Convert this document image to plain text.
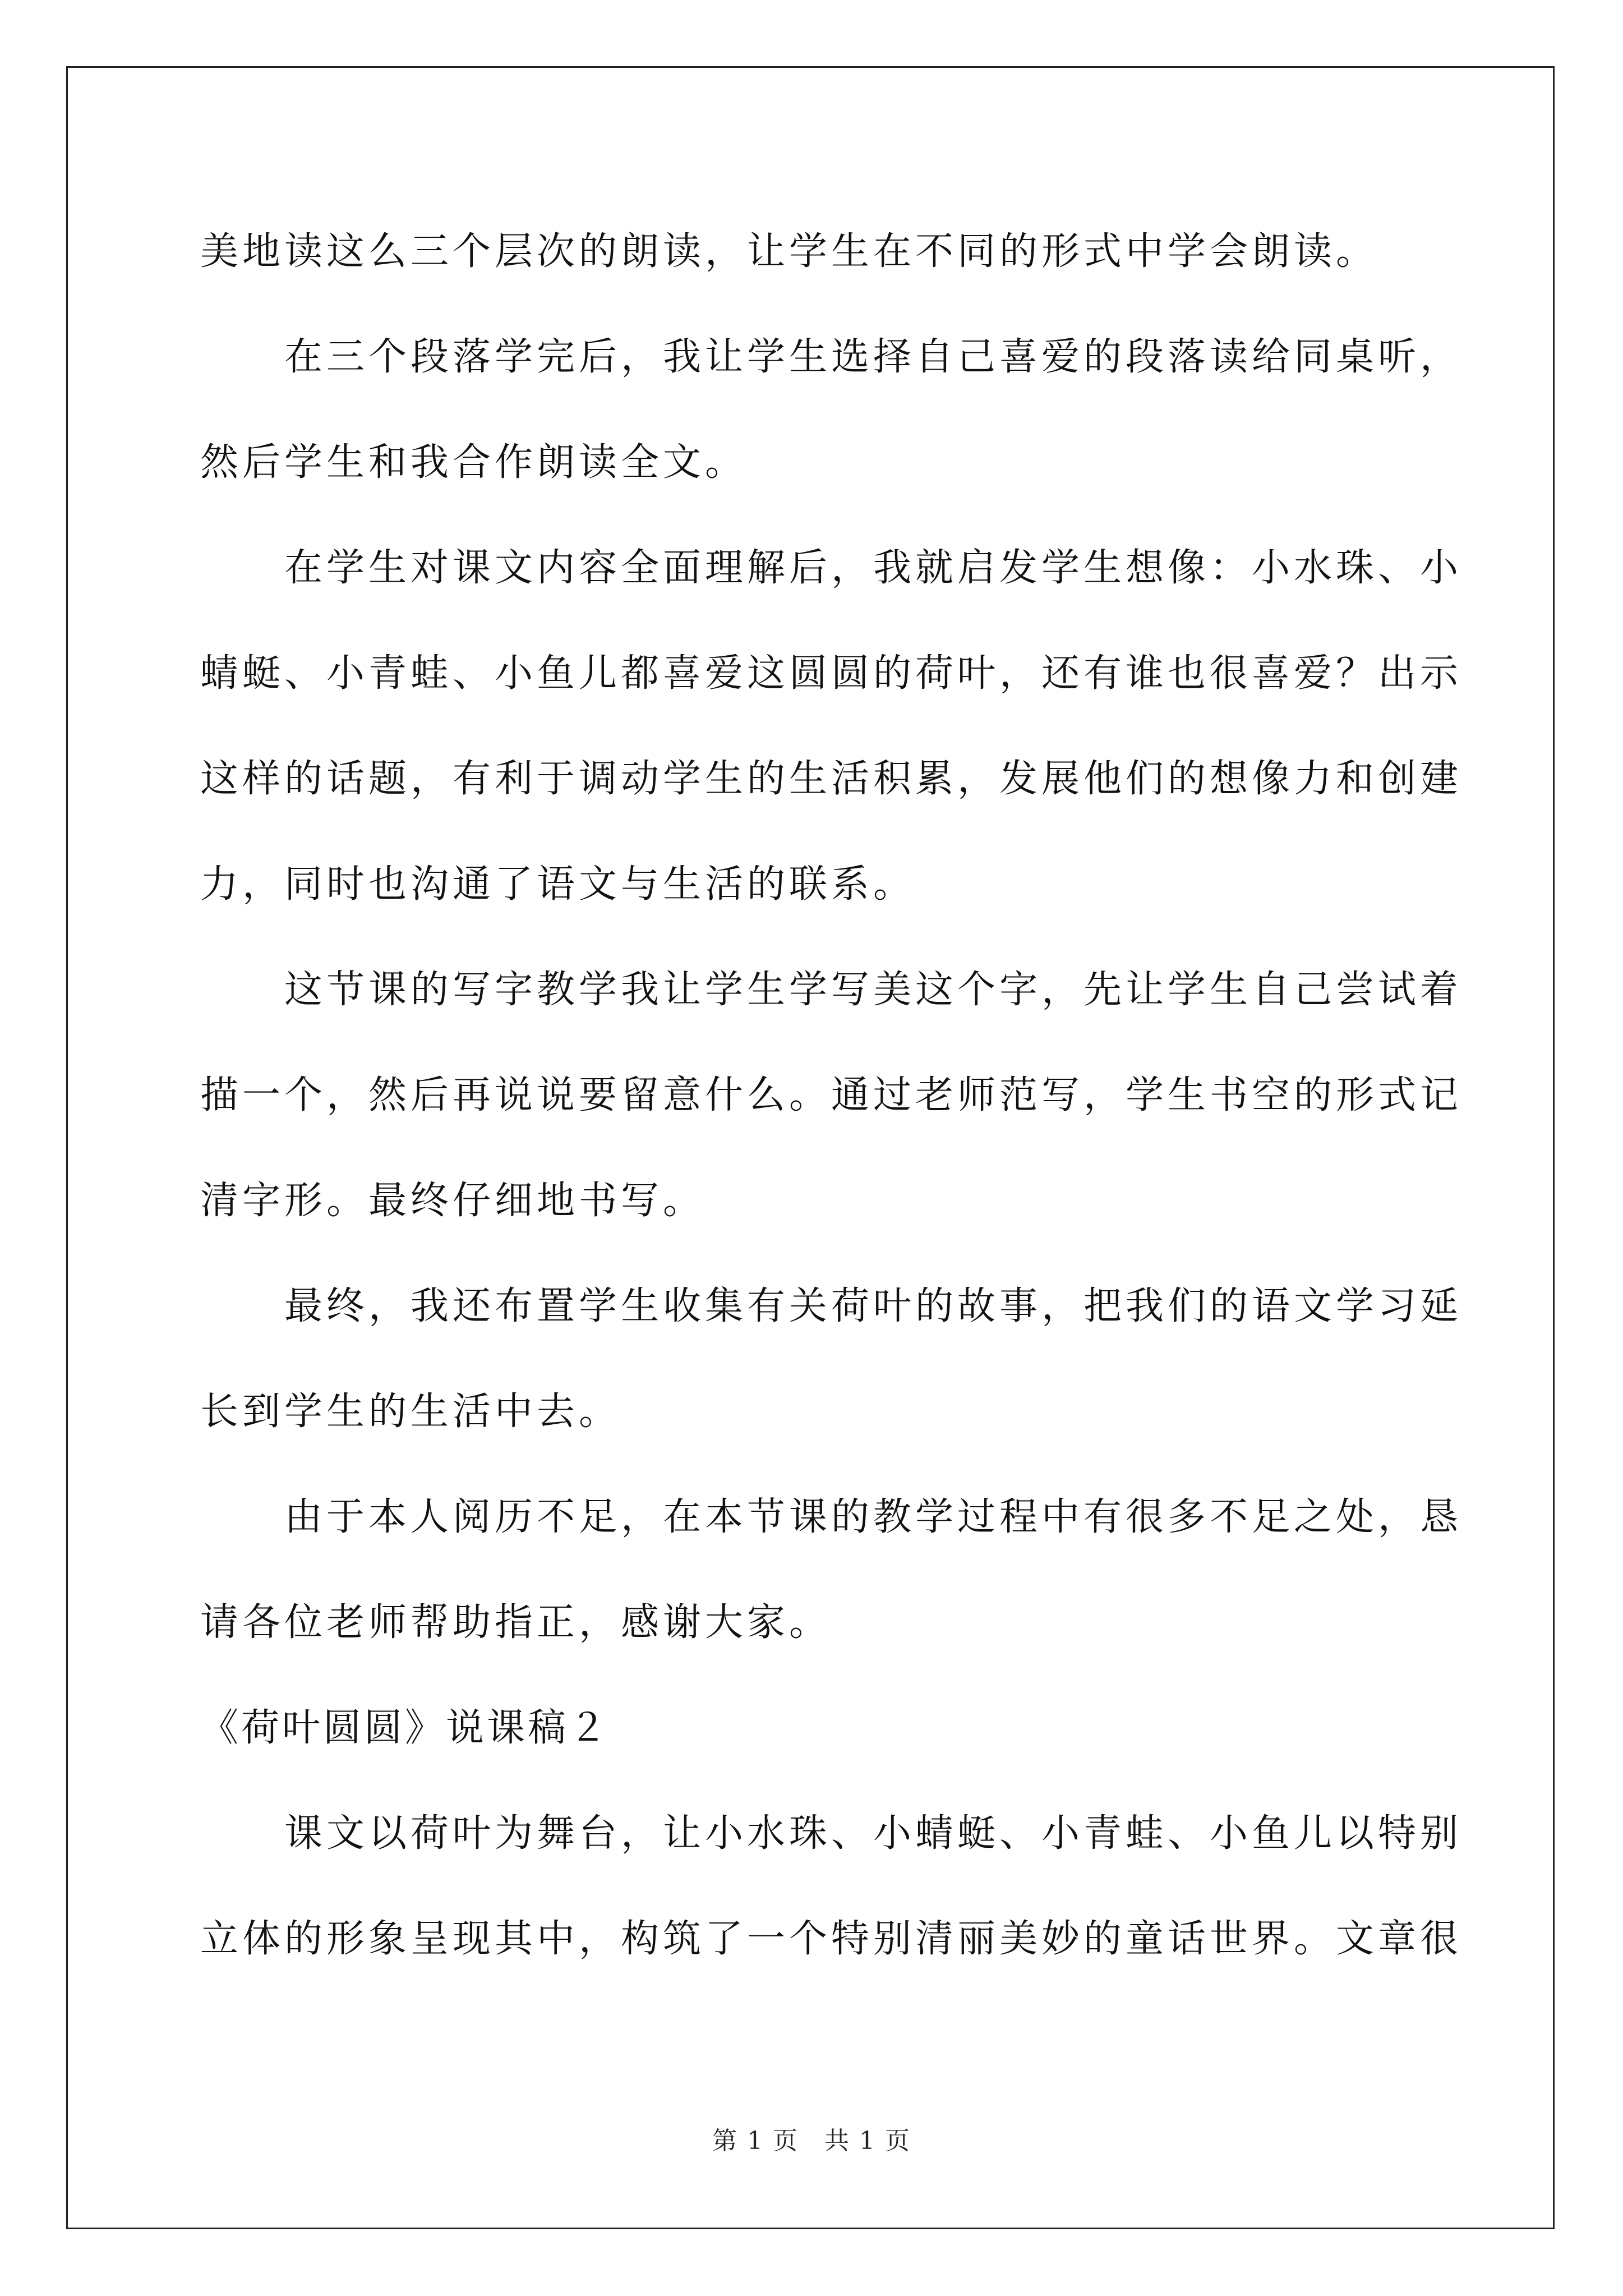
美地读这么三个层次的朗读，让学生在不同的形式中学会朗读。

在三个段落学完后，我让学生选择自己喜爱的段落读给同桌听，

然后学生和我合作朗读全文。

在学生对课文内容全面理解后，我就启发学生想像：小水珠、小

蜻蜓、小青蛙、小鱼儿都喜爱这圆圆的荷叶，还有谁也很喜爱？出示

这样的话题，有利于调动学生的生活积累，发展他们的想像力和创建

力，同时也沟通了语文与生活的联系。

这节课的写字教学我让学生学写美这个字，先让学生自己尝试着

描一个，然后再说说要留意什么。通过老师范写，学生书空的形式记

清字形。最终仔细地书写。

最终，我还布置学生收集有关荷叶的故事，把我们的语文学习延

长到学生的生活中去。

由于本人阅历不足，在本节课的教学过程中有很多不足之处，恳

请各位老师帮助指正，感谢大家。

《荷叶圆圆》说课稿２

课文以荷叶为舞台，让小水珠、小蜻蜓、小青蛙、小鱼儿以特别

立体的形象呈现其中，构筑了一个特别清丽美妙的童话世界。文章很

第 1 页　共 1 页
